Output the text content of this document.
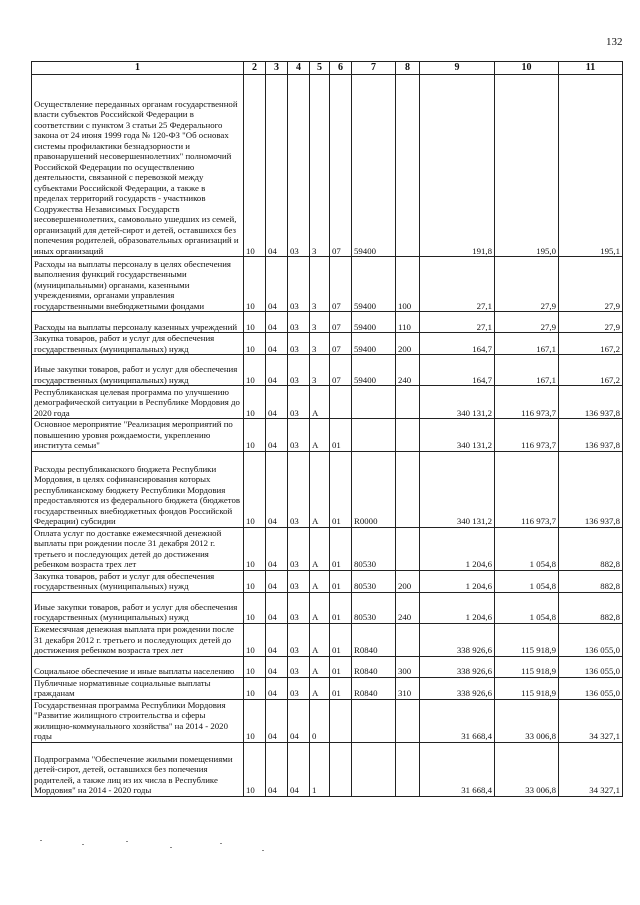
132
1	2	3	4	5	6	7	8	9	10	11
Осуществление переданных органам государственной власти субъектов Российской Федерации в соответствии с пунктом 3 статьи 25 Федерального закона от 24 июня 1999 года № 120-ФЗ "Об основах системы профилактики безнадзорности и правонарушений несовершеннолетних" полномочий Российской Федерации по осуществлению деятельности, связанной с перевозкой между субъектами Российской Федерации, а также в пределах территорий государств - участников Содружества Независимых Государств несовершеннолетних, самовольно ушедших из семей, организаций для детей-сирот и детей, оставшихся без попечения родителей, образовательных организаций и иных организаций	10	04	03	3	07	59400		191,8	195,0	195,1
Расходы на выплаты персоналу в целях обеспечения выполнения функций государственными (муниципальными) органами, казенными учреждениями, органами управления государственными внебюджетными фондами	10	04	03	3	07	59400	100	27,1	27,9	27,9
Расходы на выплаты персоналу казенных учреждений	10	04	03	3	07	59400	110	27,1	27,9	27,9
Закупка товаров, работ и услуг для обеспечения государственных (муниципальных) нужд	10	04	03	3	07	59400	200	164,7	167,1	167,2
Иные закупки товаров, работ и услуг для обеспечения государственных (муниципальных) нужд	10	04	03	3	07	59400	240	164,7	167,1	167,2
Республиканская целевая программа по улучшению демографической ситуации в Республике Мордовия до 2020 года	10	04	03	А				340 131,2	116 973,7	136 937,8
Основное мероприятие "Реализация мероприятий по повышению уровня рождаемости, укреплению института семьи"	10	04	03	А	01			340 131,2	116 973,7	136 937,8
Расходы республиканского бюджета Республики Мордовия, в целях софинансирования которых республиканскому бюджету Республики Мордовия предоставляются из федерального бюджета (бюджетов государственных внебюджетных фондов Российской Федерации) субсидии	10	04	03	А	01	R0000		340 131,2	116 973,7	136 937,8
Оплата услуг по доставке ежемесячной денежной выплаты при рождении после 31 декабря 2012 г. третьего и последующих детей до достижения ребенком возраста трех лет	10	04	03	А	01	80530		1 204,6	1 054,8	882,8
Закупка товаров, работ и услуг для обеспечения государственных (муниципальных) нужд	10	04	03	А	01	80530	200	1 204,6	1 054,8	882,8
Иные закупки товаров, работ и услуг для обеспечения государственных (муниципальных) нужд	10	04	03	А	01	80530	240	1 204,6	1 054,8	882,8
Ежемесячная денежная выплата при рождении после 31 декабря 2012 г. третьего и последующих детей до достижения ребенком возраста трех лет	10	04	03	А	01	R0840		338 926,6	115 918,9	136 055,0
Социальное обеспечение и иные выплаты населению	10	04	03	А	01	R0840	300	338 926,6	115 918,9	136 055,0
Публичные нормативные социальные выплаты гражданам	10	04	03	А	01	R0840	310	338 926,6	115 918,9	136 055,0
Государственная программа Республики Мордовия "Развитие жилищного строительства и сферы жилищно-коммунального хозяйства" на 2014 - 2020 годы	10	04	04	0				31 668,4	33 006,8	34 327,1
Подпрограмма "Обеспечение жилыми помещениями детей-сирот, детей, оставшихся без попечения родителей, а также лиц из их числа в Республике Мордовия" на 2014 - 2020 годы	10	04	04	1				31 668,4	33 006,8	34 327,1
